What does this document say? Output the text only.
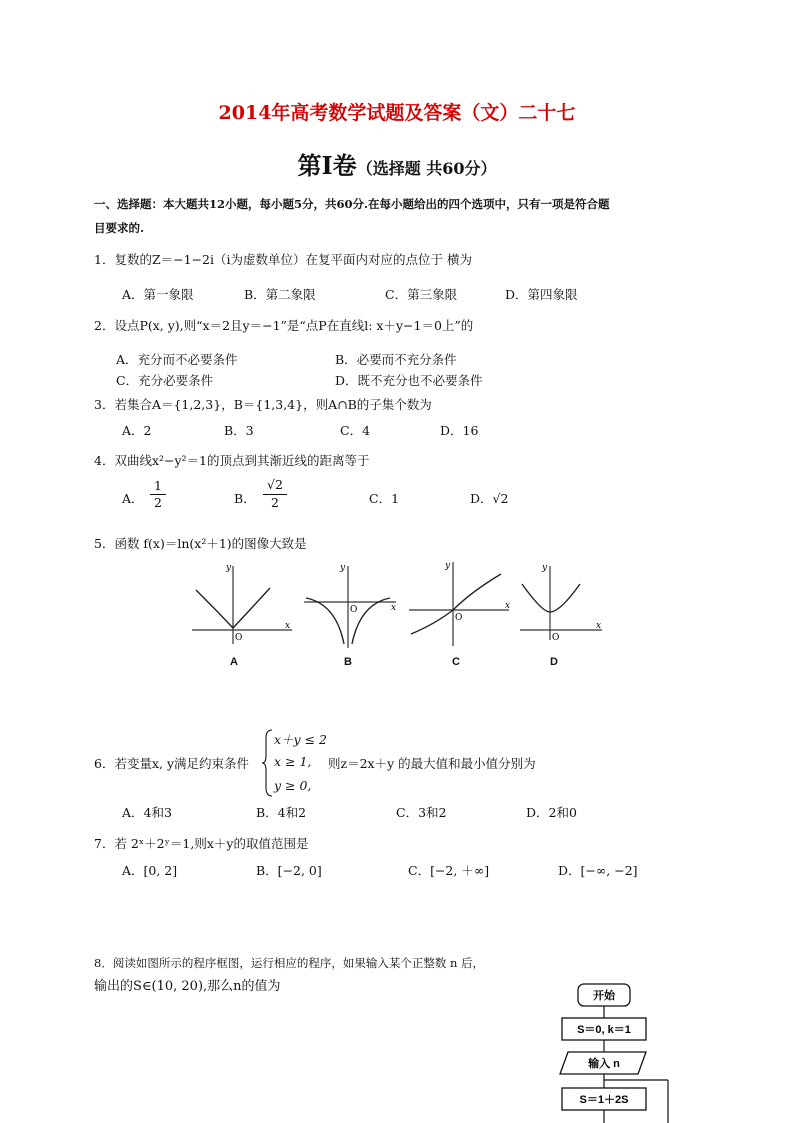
2014年高考数学试题及答案（文）二十七
第Ⅰ卷（选择题 共60分）
一、选择题：本大题共12小题，每小题5分，共60分.在每小题给出的四个选项中，只有一项是符合题
目要求的.
1．复数的Z＝−1−2i（i为虚数单位）在复平面内对应的点位于 横为
A．第一象限	B．第二象限	C．第三象限	D．第四象限
2．设点P(x, y),则“x＝2且y＝−1”是“点P在直线l: x＋y−1＝0上”的
A．充分而不必要条件	B．必要而不充分条件
C．充分必要条件	D．既不充分也不必要条件
3．若集合A＝{1,2,3}，B＝{1,3,4}，则A∩B的子集个数为
A．2	B．3	C．4	D．16
4．双曲线x²−y²＝1的顶点到其渐近线的距离等于
A． $\frac{1}{2}$	B． $\frac{√2}{2}$	C．1	D．√2
5．函数 f(x)＝ln(x²＋1)的图像大致是
y
x
O
A
y
x
O
B
y
x
O
C
y
x
O
D
6．若变量x, y满足约束条件
x＋y ≤ 2
x ≥ 1,
y ≥ 0,
则z＝2x＋y 的最大值和最小值分别为
A．4和3	B．4和2	C．3和2	D．2和0
7．若 2ˣ＋2ʸ＝1,则x＋y的取值范围是
A．[0, 2]	B．[−2, 0]	C．[−2, ＋∞]	D．[−∞, −2]
8．阅读如图所示的程序框图，运行相应的程序，如果输入某个正整数 n 后，
输出的S∈(10, 20),那么n的值为
开始
S＝0, k＝1
输入 n
S＝1＋2S
